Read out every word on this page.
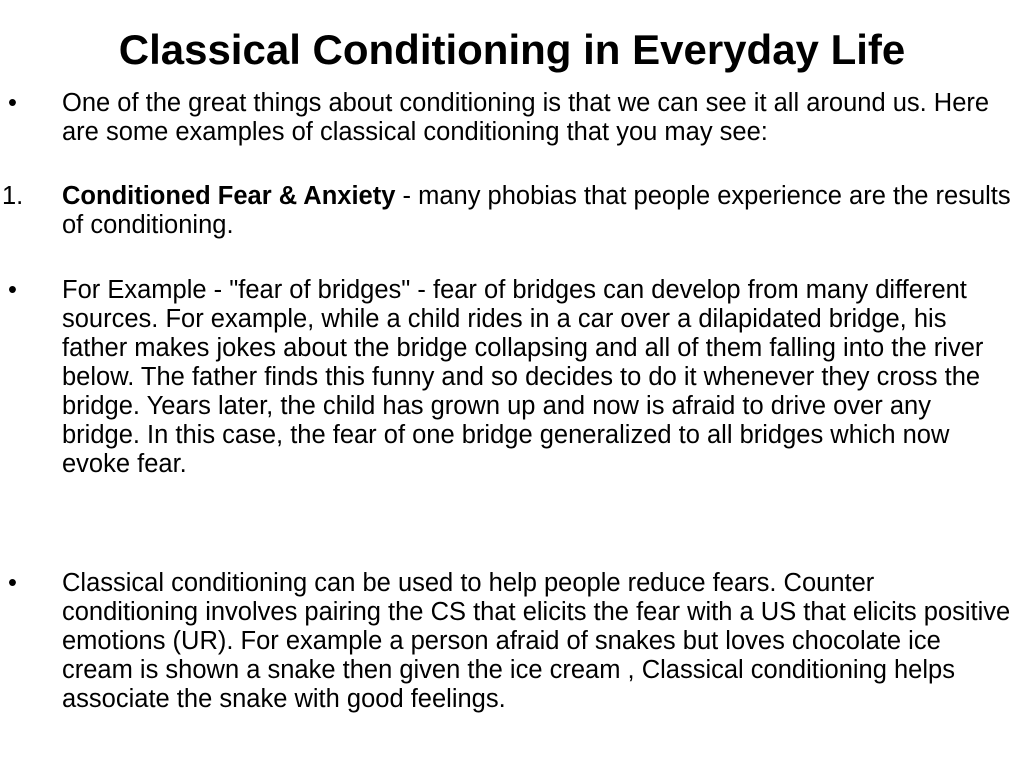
Classical Conditioning in Everyday Life
•	One of the great things about conditioning is that we can see it all around us. Here are some examples of classical conditioning that you may see:

1.	Conditioned Fear & Anxiety - many phobias that people experience are the results of conditioning.

•	For Example - "fear of bridges" - fear of bridges can develop from many different sources. For example, while a child rides in a car over a dilapidated bridge, his father makes jokes about the bridge collapsing and all of them falling into the river below. The father finds this funny and so decides to do it whenever they cross the bridge. Years later, the child has grown up and now is afraid to drive over any bridge. In this case, the fear of one bridge generalized to all bridges which now evoke fear.

•	Classical conditioning can be used to help people reduce fears. Counter conditioning involves pairing the CS that elicits the fear with a US that elicits positive emotions (UR). For example a person afraid of snakes but loves chocolate ice cream is shown a snake then given the ice cream , Classical conditioning helps associate the snake with good feelings.
